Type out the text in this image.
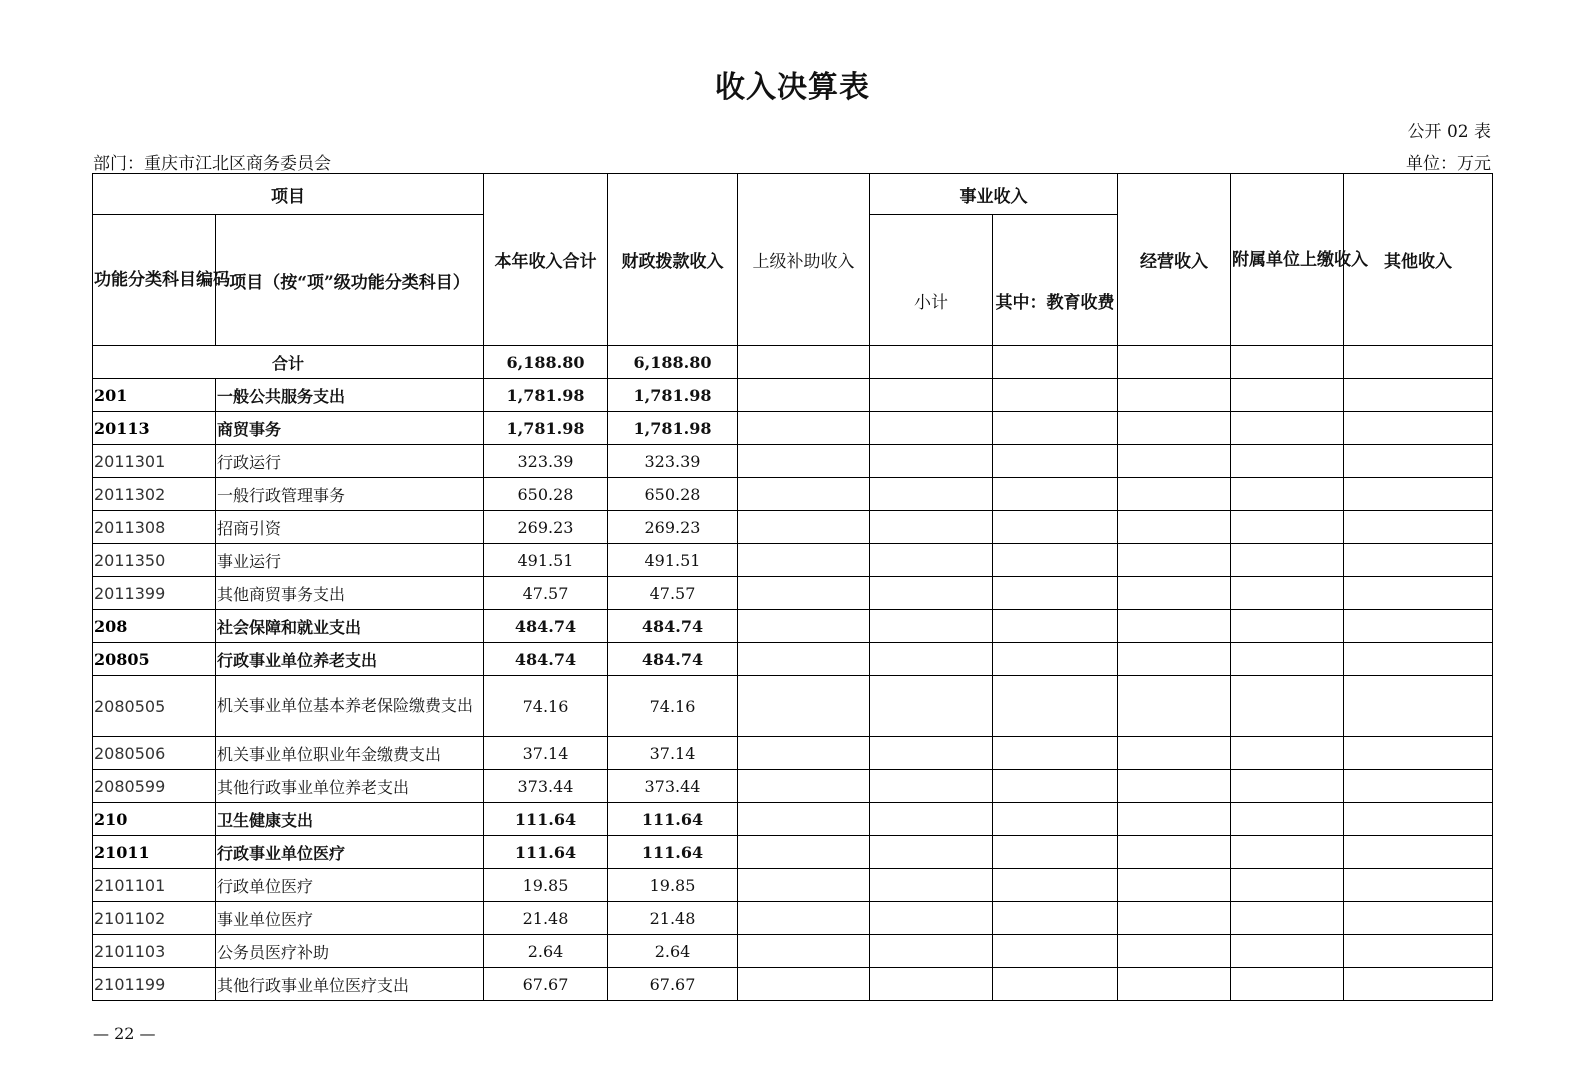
收入决算表
公开 02 表
部门：重庆市江北区商务委员会	单位：万元
项目		本年收入合计	财政拨款收入	上级补助收入	事业收入		经营收入	附属单位上缴收入	其他收入
功能分类科目编码	项目（按“项”级功能分类科目）				小计	其中：教育收费			
合计		6,188.80	6,188.80						
201	一般公共服务支出	1,781.98	1,781.98						
20113	商贸事务	1,781.98	1,781.98						
2011301	行政运行	323.39	323.39						
2011302	一般行政管理事务	650.28	650.28						
2011308	招商引资	269.23	269.23						
2011350	事业运行	491.51	491.51						
2011399	其他商贸事务支出	47.57	47.57						
208	社会保障和就业支出	484.74	484.74						
20805	行政事业单位养老支出	484.74	484.74						
2080505	机关事业单位基本养老保险缴费支出	74.16	74.16						
2080506	机关事业单位职业年金缴费支出	37.14	37.14						
2080599	其他行政事业单位养老支出	373.44	373.44						
210	卫生健康支出	111.64	111.64						
21011	行政事业单位医疗	111.64	111.64						
2101101	行政单位医疗	19.85	19.85						
2101102	事业单位医疗	21.48	21.48						
2101103	公务员医疗补助	2.64	2.64						
2101199	其他行政事业单位医疗支出	67.67	67.67						
— 22 —
